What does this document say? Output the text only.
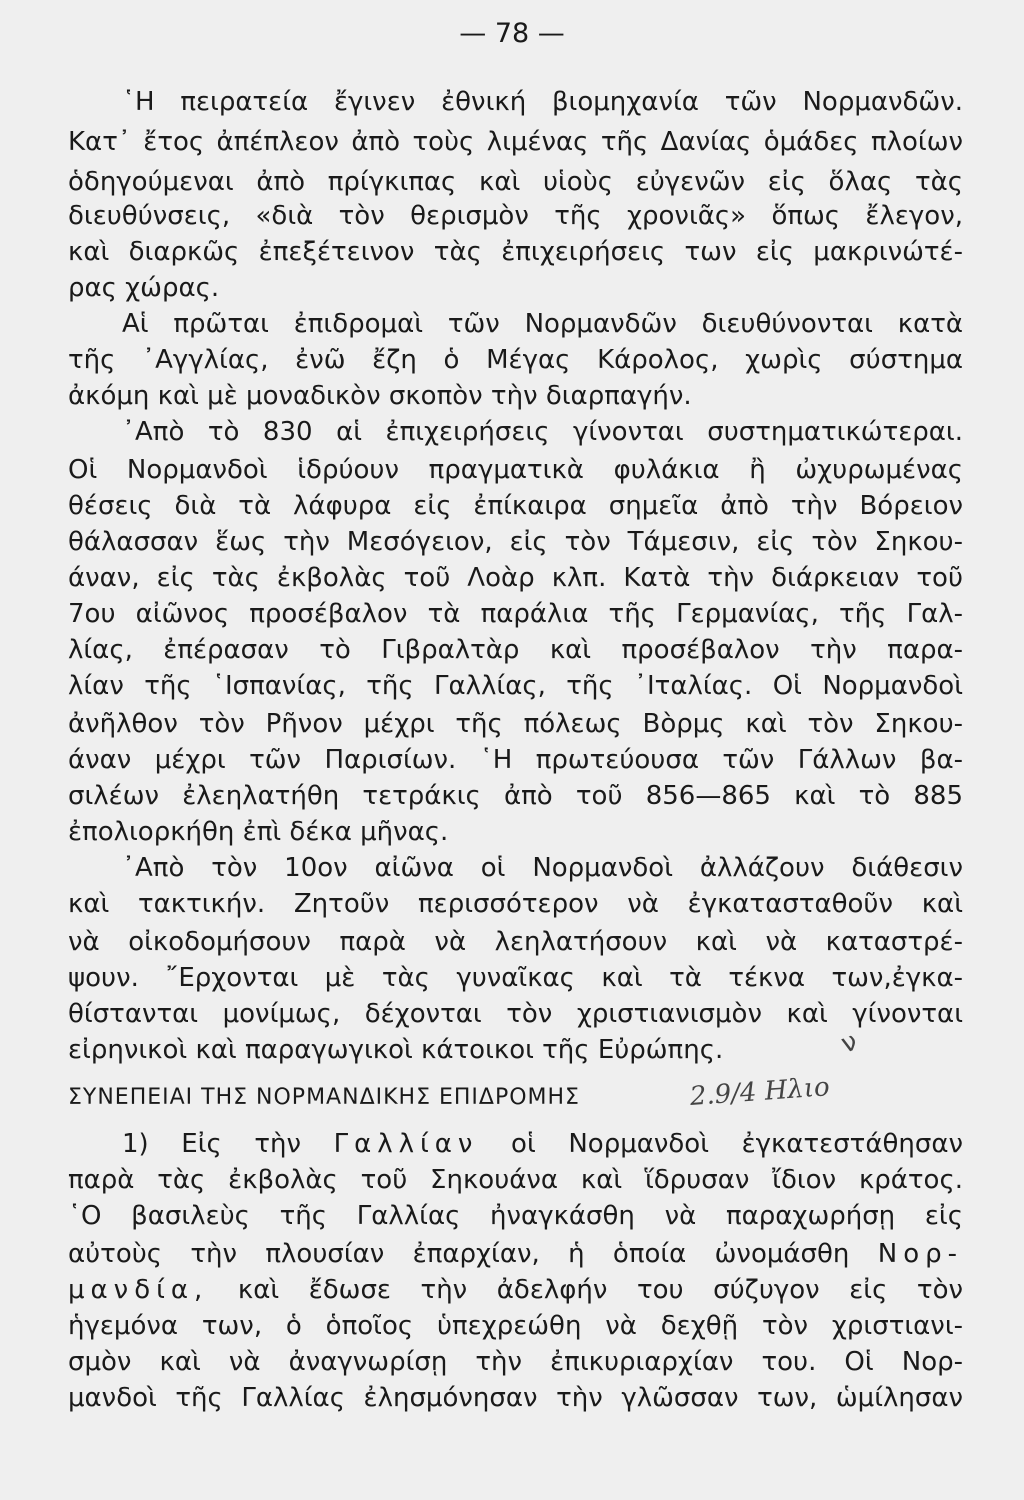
— 78 —
῾Η πειρατεία ἔγινεν ἐθνική βιομηχανία τῶν Νορμανδῶν.
Κατ᾽ ἔτος ἀπέπλεον ἀπὸ τοὺς λιμένας τῆς Δανίας ὁμάδες πλοίων
ὁδηγούμεναι ἀπὸ πρίγκιπας καὶ υἱοὺς εὐγενῶν εἰς ὅλας τὰς
διευθύνσεις, «διὰ τὸν θερισμὸν τῆς χρονιᾶς» ὅπως ἔλεγον,
καὶ διαρκῶς ἐπεξέτεινον τὰς ἐπιχειρήσεις των εἰς μακρινώτέ-
ρας χώρας.
Αἱ πρῶται ἐπιδρομαὶ τῶν Νορμανδῶν διευθύνονται κατὰ
τῆς ᾽Αγγλίας, ἐνῶ ἔζη ὁ Μέγας Κάρολος, χωρὶς σύστημα
ἀκόμη καὶ μὲ μοναδικὸν σκοπὸν τὴν διαρπαγήν.
᾽Απὸ τὸ 830 αἱ ἐπιχειρήσεις γίνονται συστηματικώτεραι.
Οἱ Νορμανδοὶ ἱδρύουν πραγματικὰ φυλάκια ἢ ὠχυρωμένας
θέσεις διὰ τὰ λάφυρα εἰς ἐπίκαιρα σημεῖα ἀπὸ τὴν Βόρειον
θάλασσαν ἕως τὴν Μεσόγειον, εἰς τὸν Τάμεσιν, εἰς τὸν Σηκου-
άναν, εἰς τὰς ἐκβολὰς τοῦ Λοὰρ κλπ. Κατὰ τὴν διάρκειαν τοῦ
7ου αἰῶνος προσέβαλον τὰ παράλια τῆς Γερμανίας, τῆς Γαλ-
λίας, ἐπέρασαν τὸ Γιβραλτὰρ καὶ προσέβαλον τὴν παρα-
λίαν τῆς ῾Ισπανίας, τῆς Γαλλίας, τῆς ᾽Ιταλίας. Οἱ Νορμανδοὶ
ἀνῆλθον τὸν Ρῆνον μέχρι τῆς πόλεως Βὸρμς καὶ τὸν Σηκου-
άναν μέχρι τῶν Παρισίων. ῾Η πρωτεύουσα τῶν Γάλλων βα-
σιλέων ἐλεηλατήθη τετράκις ἀπὸ τοῦ 856—865 καὶ τὸ 885
ἐπολιορκήθη ἐπὶ δέκα μῆνας.
᾽Απὸ τὸν 10ον αἰῶνα οἱ Νορμανδοὶ ἀλλάζουν διάθεσιν
καὶ τακτικήν. Ζητοῦν περισσότερον νὰ ἐγκατασταθοῦν καὶ
νὰ οἰκοδομήσουν παρὰ νὰ λεηλατήσουν καὶ νὰ καταστρέ-
ψουν. ῎Ερχονται μὲ τὰς γυναῖκας καὶ τὰ τέκνα των,ἐγκα-
θίστανται μονίμως, δέχονται τὸν χριστιανισμὸν καὶ γίνονται
εἰρηνικοὶ καὶ παραγωγικοὶ κάτοικοι τῆς Εὐρώπης.
ΣΥΝΕΠΕΙΑΙ ΤΗΣ ΝΟΡΜΑΝΔΙΚΗΣ ΕΠΙΔΡΟΜΗΣ	2.9/4 Ηλιο
ν
1) Εἰς τὴν Γαλλίαν οἱ Νορμανδοὶ ἐγκατεστάθησαν
παρὰ τὰς ἐκβολὰς τοῦ Σηκουάνα καὶ ἵδρυσαν ἴδιον κράτος.
῾Ο βασιλεὺς τῆς Γαλλίας ἠναγκάσθη νὰ παραχωρήσῃ εἰς
αὐτοὺς τὴν πλουσίαν ἐπαρχίαν, ἡ ὁποία ὠνομάσθη Νορ-
μανδία, καὶ ἔδωσε τὴν ἀδελφήν του σύζυγον εἰς τὸν
ἡγεμόνα των, ὁ ὁποῖος ὑπεχρεώθη νὰ δεχθῇ τὸν χριστιανι-
σμὸν καὶ νὰ ἀναγνωρίσῃ τὴν ἐπικυριαρχίαν του. Οἱ Νορ-
μανδοὶ τῆς Γαλλίας ἐλησμόνησαν τὴν γλῶσσαν των, ὡμίλησαν
